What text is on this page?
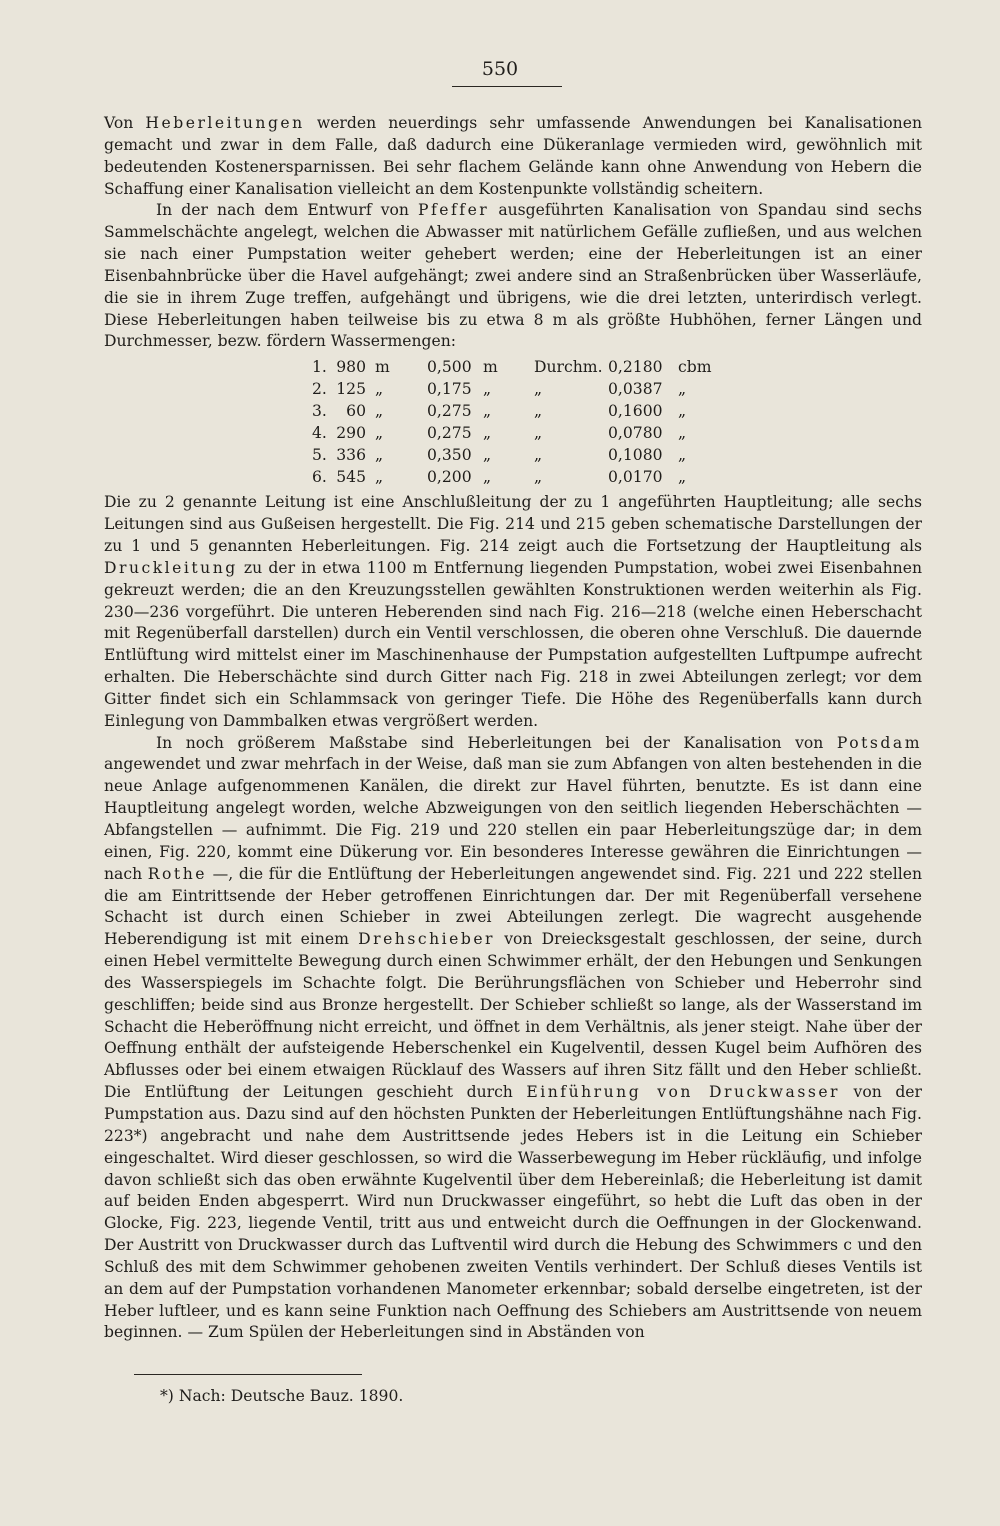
550

Von Heberleitungen werden neuerdings sehr umfassende Anwendungen bei Kanalisationen gemacht und zwar in dem Falle, daß dadurch eine Dükeranlage vermieden wird, gewöhnlich mit bedeutenden Kostenersparnissen. Bei sehr flachem Gelände kann ohne Anwendung von Hebern die Schaffung einer Kanalisation vielleicht an dem Kostenpunkte vollständig scheitern.

In der nach dem Entwurf von Pfeffer ausgeführten Kanalisation von Spandau sind sechs Sammelschächte angelegt, welchen die Abwasser mit natürlichem Gefälle zufließen, und aus welchen sie nach einer Pumpstation weiter gehebert werden; eine der Heberleitungen ist an einer Eisenbahnbrücke über die Havel aufgehängt; zwei andere sind an Straßenbrücken über Wasserläufe, die sie in ihrem Zuge treffen, aufgehängt und übrigens, wie die drei letzten, unterirdisch verlegt. Diese Heberleitungen haben teilweise bis zu etwa 8 m als größte Hubhöhen, ferner Längen und Durchmesser, bezw. fördern Wassermengen:

1. 980 m 0,500 m Durchm. 0,2180 cbm
2. 125 „	0,175 „	„	0,0387 „
3.	60 „	0,275 „	„	0,1600 „
4. 290 „	0,275 „	„	0,0780 „
5. 336 „	0,350 „	„	0,1080 „
6. 545 „	0,200 „	„	0,0170 „

Die zu 2 genannte Leitung ist eine Anschlußleitung der zu 1 angeführten Hauptleitung; alle sechs Leitungen sind aus Gußeisen hergestellt. Die Fig. 214 und 215 geben schematische Darstellungen der zu 1 und 5 genannten Heberleitungen. Fig. 214 zeigt auch die Fortsetzung der Hauptleitung als Druckleitung zu der in etwa 1100 m Entfernung liegenden Pumpstation, wobei zwei Eisenbahnen gekreuzt werden; die an den Kreuzungsstellen gewählten Konstruktionen werden weiterhin als Fig. 230—236 vorgeführt. Die unteren Heberenden sind nach Fig. 216—218 (welche einen Heberschacht mit Regenüberfall darstellen) durch ein Ventil verschlossen, die oberen ohne Verschluß. Die dauernde Entlüftung wird mittelst einer im Maschinenhause der Pumpstation aufgestellten Luftpumpe aufrecht erhalten. Die Heberschächte sind durch Gitter nach Fig. 218 in zwei Abteilungen zerlegt; vor dem Gitter findet sich ein Schlammsack von geringer Tiefe. Die Höhe des Regenüberfalls kann durch Einlegung von Dammbalken etwas vergrößert werden.

In noch größerem Maßstabe sind Heberleitungen bei der Kanalisation von Potsdam angewendet und zwar mehrfach in der Weise, daß man sie zum Abfangen von alten bestehenden in die neue Anlage aufgenommenen Kanälen, die direkt zur Havel führten, benutzte. Es ist dann eine Hauptleitung angelegt worden, welche Abzweigungen von den seitlich liegenden Heberschächten — Abfangstellen — aufnimmt. Die Fig. 219 und 220 stellen ein paar Heberleitungszüge dar; in dem einen, Fig. 220, kommt eine Dükerung vor. Ein besonderes Interesse gewähren die Einrichtungen — nach Rothe —, die für die Entlüftung der Heberleitungen angewendet sind. Fig. 221 und 222 stellen die am Eintrittsende der Heber getroffenen Einrichtungen dar. Der mit Regenüberfall versehene Schacht ist durch einen Schieber in zwei Abteilungen zerlegt. Die wagrecht ausgehende Heberendigung ist mit einem Drehschieber von Dreiecksgestalt geschlossen, der seine, durch einen Hebel vermittelte Bewegung durch einen Schwimmer erhält, der den Hebungen und Senkungen des Wasserspiegels im Schachte folgt. Die Berührungsflächen von Schieber und Heberrohr sind geschliffen; beide sind aus Bronze hergestellt. Der Schieber schließt so lange, als der Wasserstand im Schacht die Heberöffnung nicht erreicht, und öffnet in dem Verhältnis, als jener steigt. Nahe über der Oeffnung enthält der aufsteigende Heberschenkel ein Kugelventil, dessen Kugel beim Aufhören des Abflusses oder bei einem etwaigen Rücklauf des Wassers auf ihren Sitz fällt und den Heber schließt. Die Entlüftung der Leitungen geschieht durch Einführung von Druckwasser von der Pumpstation aus. Dazu sind auf den höchsten Punkten der Heberleitungen Entlüftungshähne nach Fig. 223*) angebracht und nahe dem Austrittsende jedes Hebers ist in die Leitung ein Schieber eingeschaltet. Wird dieser geschlossen, so wird die Wasserbewegung im Heber rückläufig, und infolge davon schließt sich das oben erwähnte Kugelventil über dem Hebereinlaß; die Heberleitung ist damit auf beiden Enden abgesperrt. Wird nun Druckwasser eingeführt, so hebt die Luft das oben in der Glocke, Fig. 223, liegende Ventil, tritt aus und entweicht durch die Oeffnungen in der Glockenwand. Der Austritt von Druckwasser durch das Luftventil wird durch die Hebung des Schwimmers c und den Schluß des mit dem Schwimmer gehobenen zweiten Ventils verhindert. Der Schluß dieses Ventils ist an dem auf der Pumpstation vorhandenen Manometer erkennbar; sobald derselbe eingetreten, ist der Heber luftleer, und es kann seine Funktion nach Oeffnung des Schiebers am Austrittsende von neuem beginnen. — Zum Spülen der Heberleitungen sind in Abständen von

*) Nach: Deutsche Bauz. 1890.
